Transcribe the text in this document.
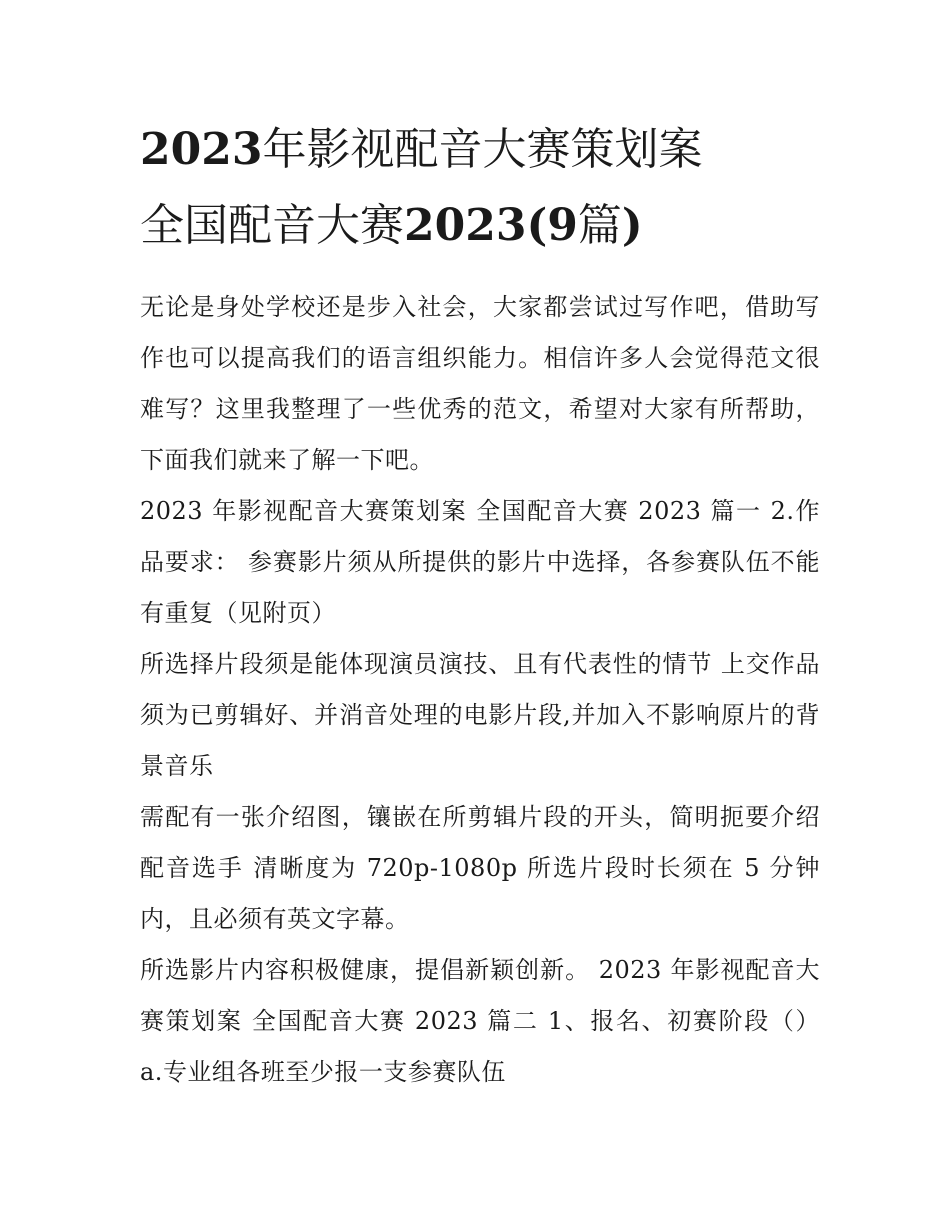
2023年影视配音大赛策划案
全国配音大赛2023(9篇)

无论是身处学校还是步入社会，大家都尝试过写作吧，借助写作也可以提高我们的语言组织能力。相信许多人会觉得范文很难写？这里我整理了一些优秀的范文，希望对大家有所帮助，下面我们就来了解一下吧。

2023 年影视配音大赛策划案 全国配音大赛 2023 篇一 2.作品要求： 参赛影片须从所提供的影片中选择，各参赛队伍不能有重复（见附页）

所选择片段须是能体现演员演技、且有代表性的情节 上交作品须为已剪辑好、并消音处理的电影片段,并加入不影响原片的背景音乐

需配有一张介绍图，镶嵌在所剪辑片段的开头，简明扼要介绍配音选手 清晰度为 720p-1080p 所选片段时长须在 5 分钟内，且必须有英文字幕。

所选影片内容积极健康，提倡新颖创新。 2023 年影视配音大赛策划案 全国配音大赛 2023 篇二 1、报名、初赛阶段（） a.专业组各班至少报一支参赛队伍
